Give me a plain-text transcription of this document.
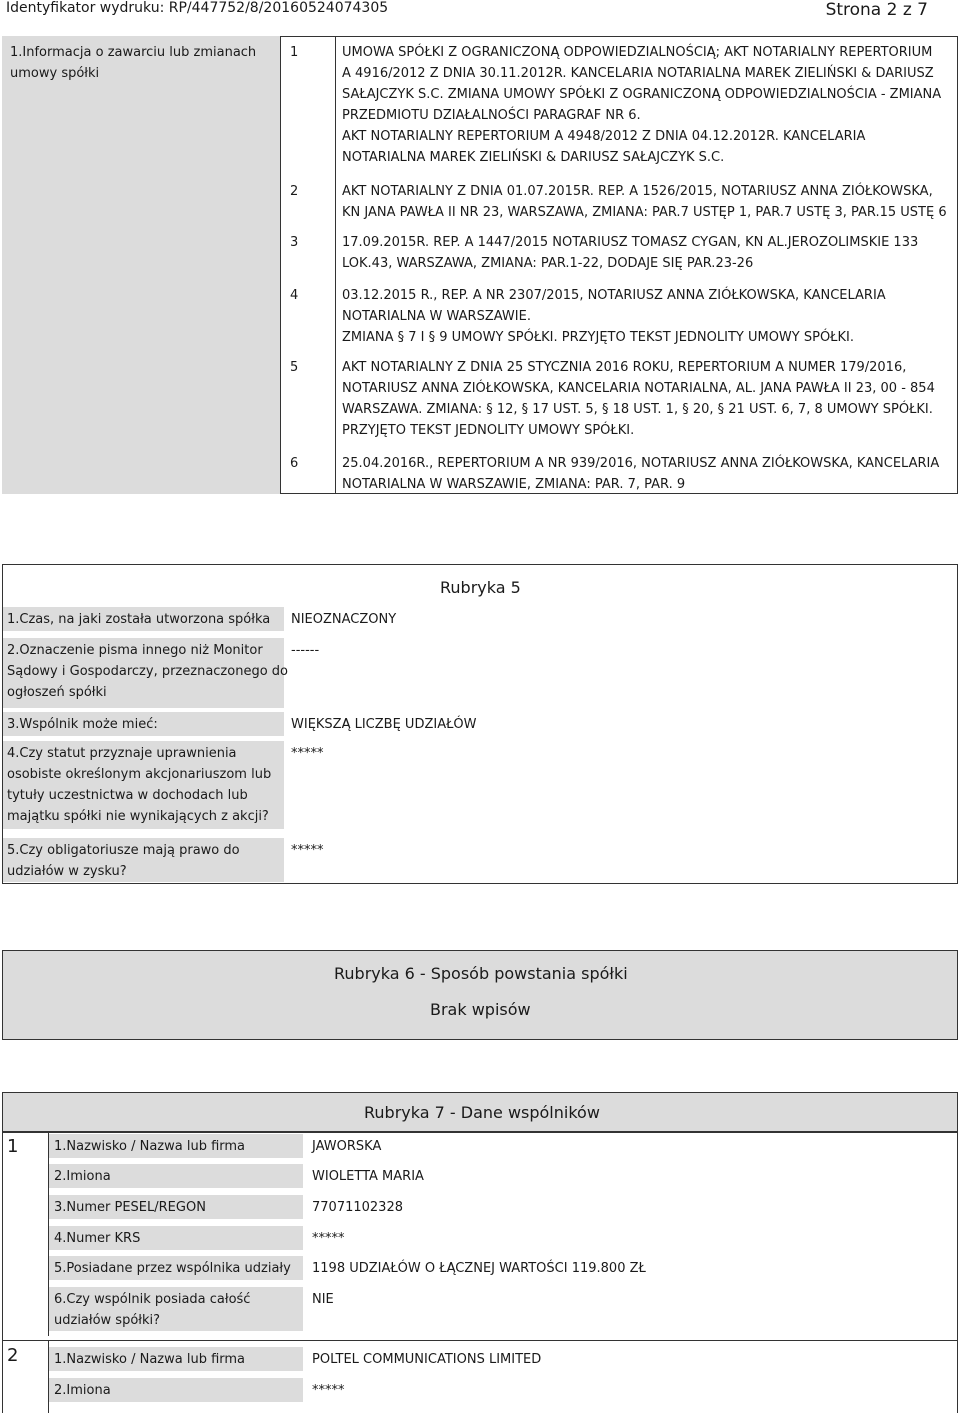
Identyfikator wydruku: RP/447752/8/20160524074305	Strona 2 z 7
1.Informacja o zawarciu lub zmianach
umowy spółki
1	UMOWA SPÓŁKI Z OGRANICZONĄ ODPOWIEDZIALNOŚCIĄ; AKT NOTARIALNY REPERTORIUM
A 4916/2012 Z DNIA 30.11.2012R. KANCELARIA NOTARIALNA MAREK ZIELIŃSKI & DARIUSZ
SAŁAJCZYK S.C. ZMIANA UMOWY SPÓŁKI Z OGRANICZONĄ ODPOWIEDZIALNOŚCIA - ZMIANA
PRZEDMIOTU DZIAŁALNOŚCI PARAGRAF NR 6.
AKT NOTARIALNY REPERTORIUM A 4948/2012 Z DNIA 04.12.2012R. KANCELARIA
NOTARIALNA MAREK ZIELIŃSKI & DARIUSZ SAŁAJCZYK S.C.
2	AKT NOTARIALNY Z DNIA 01.07.2015R. REP. A 1526/2015, NOTARIUSZ ANNA ZIÓŁKOWSKA,
KN JANA PAWŁA II NR 23, WARSZAWA, ZMIANA: PAR.7 USTĘP 1, PAR.7 USTĘ 3, PAR.15 USTĘ 6
3	17.09.2015R. REP. A 1447/2015 NOTARIUSZ TOMASZ CYGAN, KN AL.JEROZOLIMSKIE 133
LOK.43, WARSZAWA, ZMIANA: PAR.1-22, DODAJE SIĘ PAR.23-26
4	03.12.2015 R., REP. A NR 2307/2015, NOTARIUSZ ANNA ZIÓŁKOWSKA, KANCELARIA
NOTARIALNA W WARSZAWIE.
ZMIANA § 7 I § 9 UMOWY SPÓŁKI. PRZYJĘTO TEKST JEDNOLITY UMOWY SPÓŁKI.
5	AKT NOTARIALNY Z DNIA 25 STYCZNIA 2016 ROKU, REPERTORIUM A NUMER 179/2016,
NOTARIUSZ ANNA ZIÓŁKOWSKA, KANCELARIA NOTARIALNA, AL. JANA PAWŁA II 23, 00 - 854
WARSZAWA. ZMIANA: § 12, § 17 UST. 5, § 18 UST. 1, § 20, § 21 UST. 6, 7, 8 UMOWY SPÓŁKI.
PRZYJĘTO TEKST JEDNOLITY UMOWY SPÓŁKI.
6	25.04.2016R., REPERTORIUM A NR 939/2016, NOTARIUSZ ANNA ZIÓŁKOWSKA, KANCELARIA
NOTARIALNA W WARSZAWIE, ZMIANA: PAR. 7, PAR. 9
Rubryka 5
1.Czas, na jaki została utworzona spółka NIEOZNACZONY
2.Oznaczenie pisma innego niż Monitor
Sądowy i Gospodarczy, przeznaczonego do
ogłoszeń spółki
------
3.Wspólnik może mieć:	WIĘKSZĄ LICZBĘ UDZIAŁÓW
4.Czy statut przyznaje uprawnienia
osobiste określonym akcjonariuszom lub
tytuły uczestnictwa w dochodach lub
majątku spółki nie wynikających z akcji?
*****
5.Czy obligatoriusze mają prawo do
udziałów w zysku?
*****
Rubryka 6 - Sposób powstania spółki
Brak wpisów
Rubryka 7 - Dane wspólników
1	1.Nazwisko / Nazwa lub firma	JAWORSKA
2.Imiona	WIOLETTA MARIA
3.Numer PESEL/REGON	77071102328
4.Numer KRS	*****
5.Posiadane przez wspólnika udziały 1198 UDZIAŁÓW O ŁĄCZNEJ WARTOŚCI 119.800 ZŁ
6.Czy wspólnik posiada całość
udziałów spółki?
NIE
2	1.Nazwisko / Nazwa lub firma	POLTEL COMMUNICATIONS LIMITED
2.Imiona	*****
